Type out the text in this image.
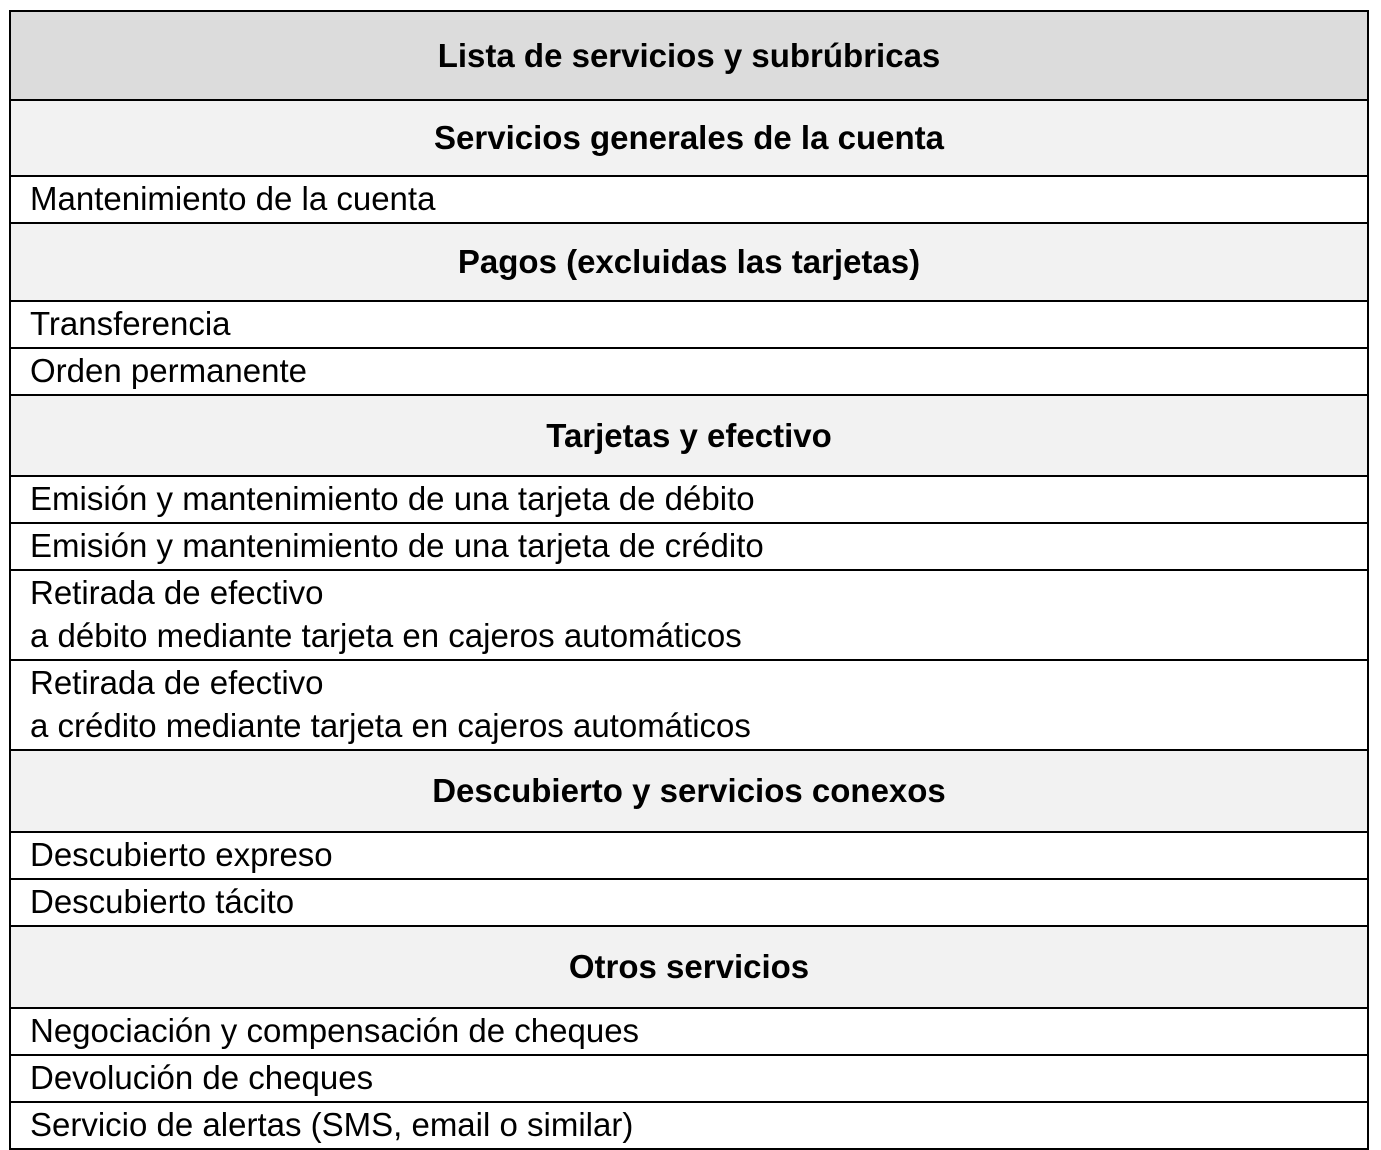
Lista de servicios y subrúbricas
Servicios generales de la cuenta

Mantenimiento de la cuenta

Pagos (excluidas las tarjetas)

Transferencia

Orden permanente

Tarjetas y efectivo

Emisión y mantenimiento de una tarjeta de débito

Emisión y mantenimiento de una tarjeta de crédito

Retirada de efectivo
a débito mediante tarjeta en cajeros automáticos

Retirada de efectivo
a crédito mediante tarjeta en cajeros automáticos

Descubierto y servicios conexos

Descubierto expreso

Descubierto tácito

Otros servicios

Negociación y compensación de cheques

Devolución de cheques

Servicio de alertas (SMS, email o similar)
